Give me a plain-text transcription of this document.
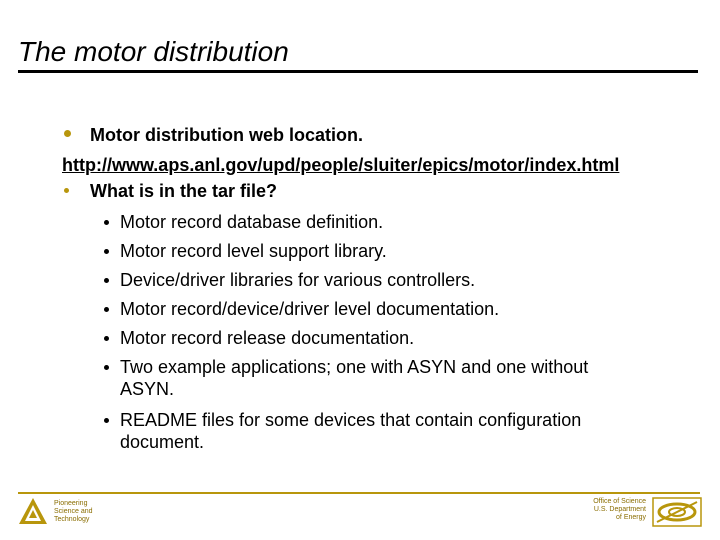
The motor distribution
Motor distribution web location.
http://www.aps.anl.gov/upd/people/sluiter/epics/motor/index.html
What is in the tar file?
Motor record database definition.
Motor record level support library.
Device/driver libraries for various controllers.
Motor record/device/driver level documentation.
Motor record release documentation.
Two example applications; one with ASYN and one without
ASYN.
README files for some devices that contain configuration
document.
Pioneering
Science and
Technology
Office of Science
U.S. Department
of Energy
